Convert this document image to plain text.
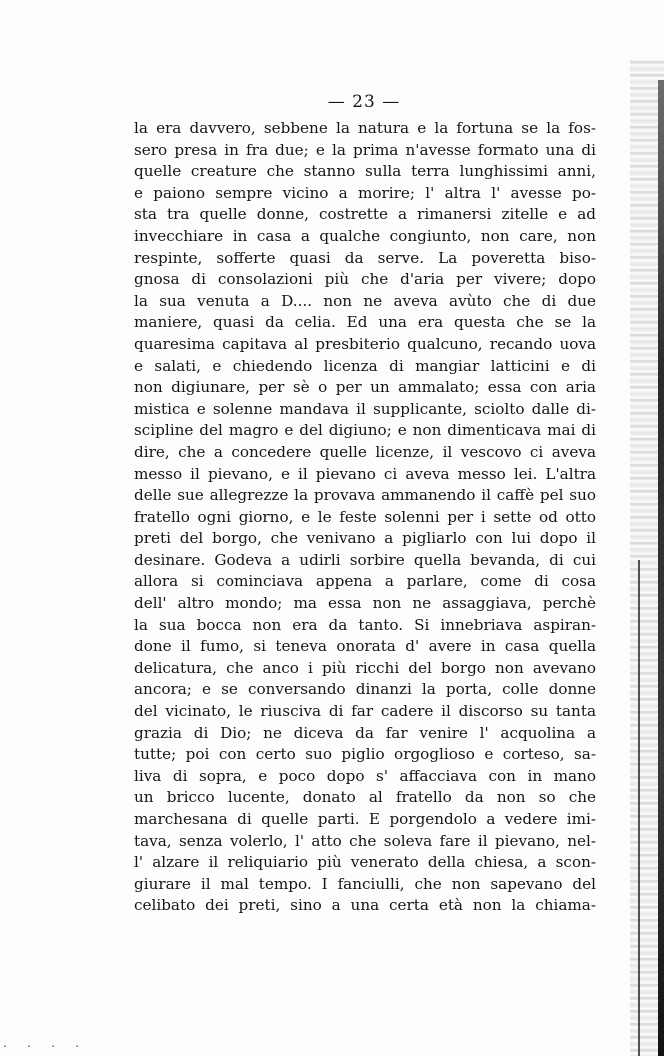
— 23 —
la era davvero, sebbene la natura e la fortuna se la fos-
sero presa in fra due; e la prima n'avesse formato una di
quelle creature che stanno sulla terra lunghissimi anni,
e paiono sempre vicino a morire; l' altra l' avesse po-
sta tra quelle donne, costrette a rimanersi zitelle e ad
invecchiare in casa a qualche congiunto, non care, non
respinte, sofferte quasi da serve. La poveretta biso-
gnosa di consolazioni più che d'aria per vivere; dopo
la sua venuta a D.... non ne aveva avùto che di due
maniere, quasi da celia. Ed una era questa che se la
quaresima capitava al presbiterio qualcuno, recando uova
e salati, e chiedendo licenza di mangiar latticini e di
non digiunare, per sè o per un ammalato; essa con aria
mistica e solenne mandava il supplicante, sciolto dalle di-
scipline del magro e del digiuno; e non dimenticava mai di
dire, che a concedere quelle licenze, il vescovo ci aveva
messo il pievano, e il pievano ci aveva messo lei. L'altra
delle sue allegrezze la provava ammanendo il caffè pel suo
fratello ogni giorno, e le feste solenni per i sette od otto
preti del borgo, che venivano a pigliarlo con lui dopo il
desinare. Godeva a udirli sorbire quella bevanda, di cui
allora si cominciava appena a parlare, come di cosa
dell' altro mondo; ma essa non ne assaggiava, perchè
la sua bocca non era da tanto. Si innebriava aspiran-
done il fumo, si teneva onorata d' avere in casa quella
delicatura, che anco i più ricchi del borgo non avevano
ancora; e se conversando dinanzi la porta, colle donne
del vicinato, le riusciva di far cadere il discorso su tanta
grazia di Dio; ne diceva da far venire l' acquolina a
tutte; poi con certo suo piglio orgoglioso e corteso, sa-
liva di sopra, e poco dopo s' affacciava con in mano
un bricco lucente, donato al fratello da non so che
marchesana di quelle parti. E porgendolo a vedere imi-
tava, senza volerlo, l' atto che soleva fare il pievano, nel-
l' alzare il reliquiario più venerato della chiesa, a scon-
giurare il mal tempo. I fanciulli, che non sapevano del
celibato dei preti, sino a una certa età non la chiama-
. . . .
